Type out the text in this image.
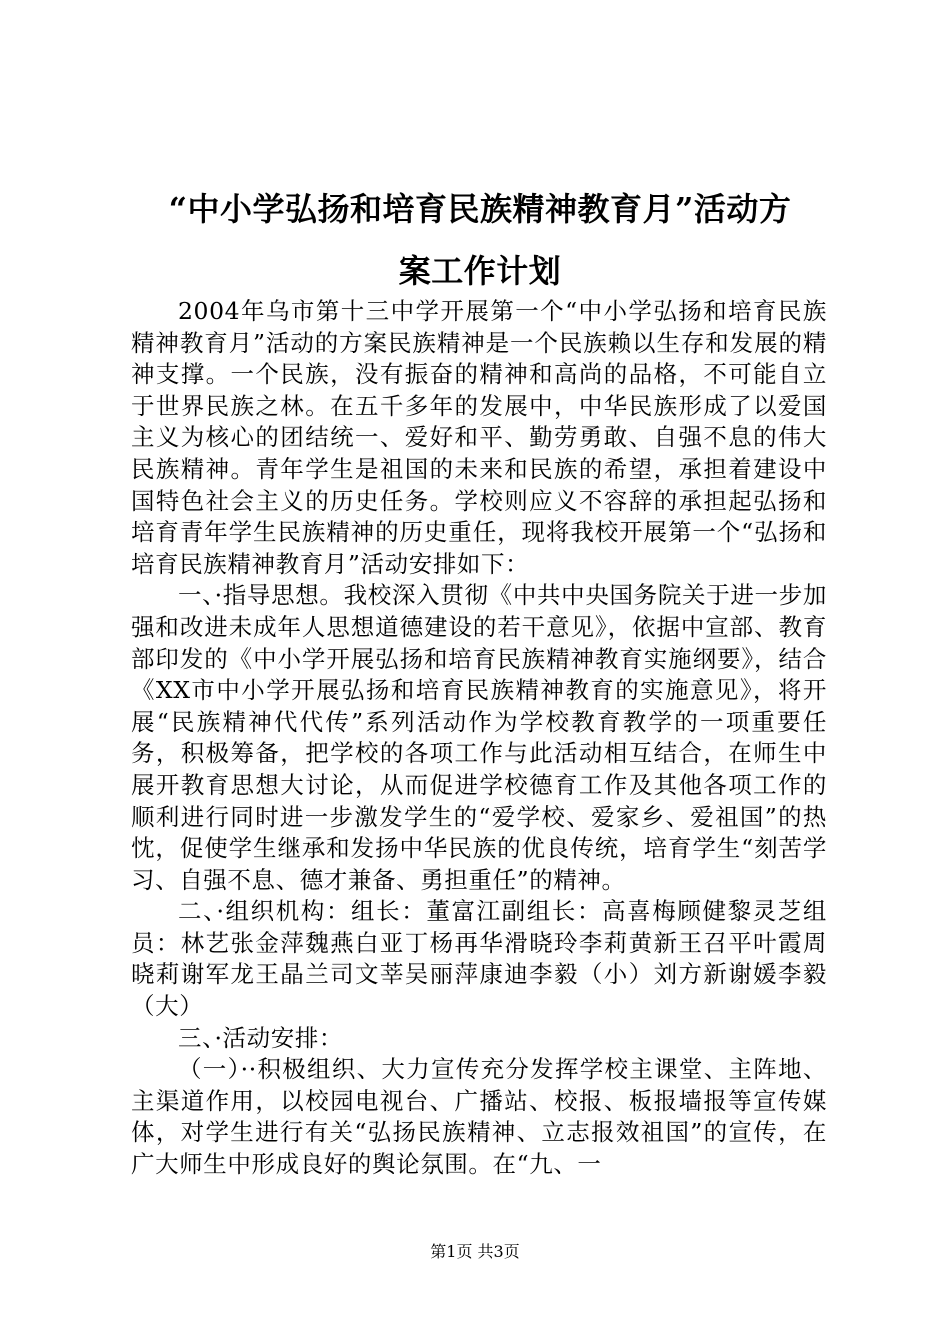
“中小学弘扬和培育民族精神教育月”活动方
案工作计划

2004年乌市第十三中学开展第一个“中小学弘扬和培育民族精神教育月”活动的方案民族精神是一个民族赖以生存和发展的精神支撑。一个民族，没有振奋的精神和高尚的品格，不可能自立于世界民族之林。在五千多年的发展中，中华民族形成了以爱国主义为核心的团结统一、爱好和平、勤劳勇敢、自强不息的伟大民族精神。青年学生是祖国的未来和民族的希望，承担着建设中国特色社会主义的历史任务。学校则应义不容辞的承担起弘扬和培育青年学生民族精神的历史重任，现将我校开展第一个“弘扬和培育民族精神教育月”活动安排如下：

一、·指导思想。我校深入贯彻《中共中央国务院关于进一步加强和改进未成年人思想道德建设的若干意见》，依据中宣部、教育部印发的《中小学开展弘扬和培育民族精神教育实施纲要》，结合《XX市中小学开展弘扬和培育民族精神教育的实施意见》，将开展“民族精神代代传”系列活动作为学校教育教学的一项重要任务，积极筹备，把学校的各项工作与此活动相互结合，在师生中展开教育思想大讨论，从而促进学校德育工作及其他各项工作的顺利进行同时进一步激发学生的“爱学校、爱家乡、爱祖国”的热忱，促使学生继承和发扬中华民族的优良传统，培育学生“刻苦学习、自强不息、德才兼备、勇担重任”的精神。

二、·组织机构：组长：董富江副组长：高喜梅顾健黎灵芝组员：林艺张金萍魏燕白亚丁杨再华滑晓玲李莉黄新王召平叶霞周晓莉谢军龙王晶兰司文莘吴丽萍康迪李毅（小）刘方新谢媛李毅（大）

三、·活动安排：

（一）··积极组织、大力宣传充分发挥学校主课堂、主阵地、主渠道作用，以校园电视台、广播站、校报、板报墙报等宣传媒体，对学生进行有关“弘扬民族精神、立志报效祖国”的宣传，在广大师生中形成良好的舆论氛围。在“九、一

第1页 共3页
